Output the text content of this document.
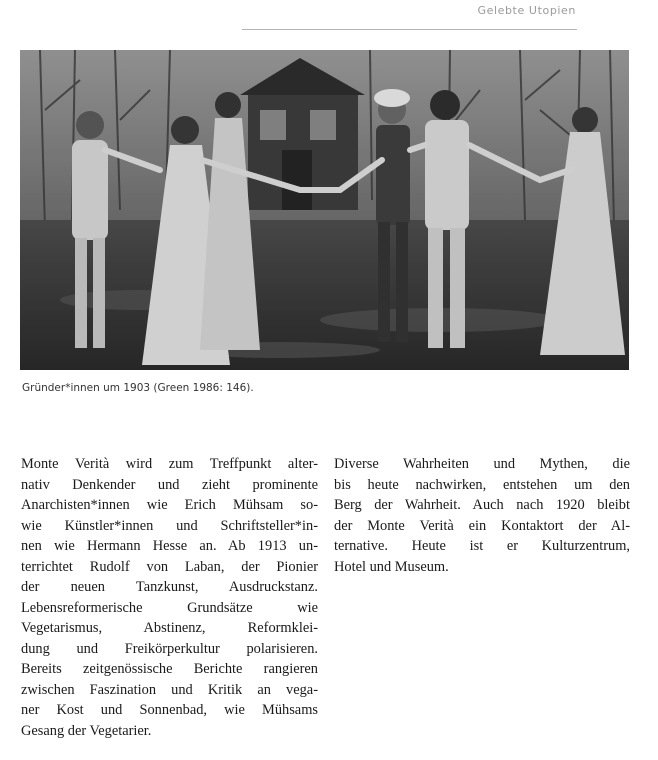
Gelebte Utopien
Gründer*innen um 1903 (Green 1986: 146).
Monte Verità wird zum Treffpunkt alter-
nativ Denkender und zieht prominente
Anarchisten*innen wie Erich Mühsam so-
wie Künstler*innen und Schriftsteller*in-
nen wie Hermann Hesse an. Ab 1913 un-
terrichtet Rudolf von Laban, der Pionier
der neuen Tanzkunst, Ausdruckstanz.
Lebensreformerische Grundsätze wie
Vegetarismus, Abstinenz, Reformklei-
dung und Freikörperkultur polarisieren.
Bereits zeitgenössische Berichte rangieren
zwischen Faszination und Kritik an vega-
ner Kost und Sonnenbad, wie Mühsams
Gesang der Vegetarier.
Diverse Wahrheiten und Mythen, die
bis heute nachwirken, entstehen um den
Berg der Wahrheit. Auch nach 1920 bleibt
der Monte Verità ein Kontaktort der Al-
ternative. Heute ist er Kulturzentrum,
Hotel und Museum.
